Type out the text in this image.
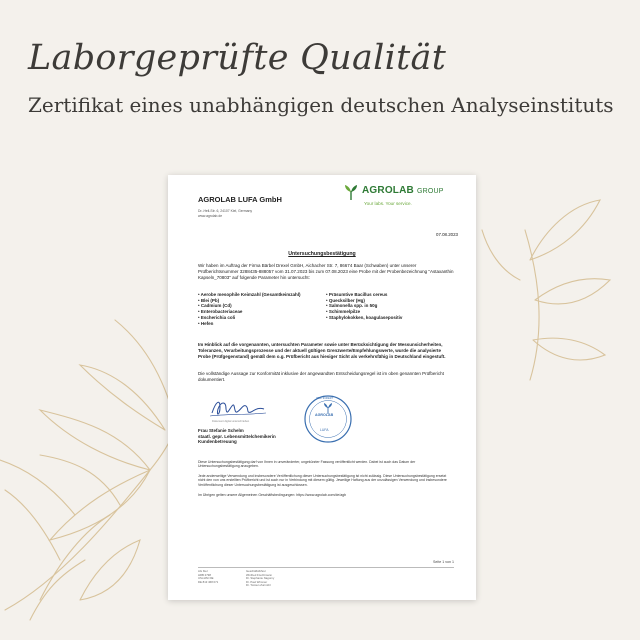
Laborgeprüfte Qualität
Zertifikat eines unabhängigen deutschen Analyseinstituts
AGROLAB LUFA GmbH
Dr.-Hell-Str. 6, 24107 Kiel, Germany
www.agrolab.de
AGROLAB GROUP
Your labs. Your service.
07.08.2023
Untersuchungsbestätigung
Wir haben im Auftrag der Firma Bärbel Drexel GmbH, Aichacher Str. 7, 86674 Baar (Schwaben) unter unserer Prüfberichtsnummer 3288435-888057 vom 31.07.2023 bis zum 07.08.2023 eine Probe mit der Probenbezeichnung "Astaxanthin Kapseln_70803" auf folgende Parameter hin untersucht:
• Aerobe mesophile Keimzahl (Gesamtkeimzahl)
• Blei (Pb)
• Cadmium (Cd)
• Enterobacteriaceae
• Escherichia coli
• Hefen
• Präsumtive Bacillus cereus
• Quecksilber (Hg)
• Salmonella spp. in 50g
• Schimmelpilze
• Staphylokokken, koagulasepositiv
Im Hinblick auf die vorgenannten, untersuchten Parameter sowie unter Berücksichtigung der Messunsicherheiten, Toleranzen, Verarbeitungsprozesse und der aktuell gültigen Grenzwerte/Empfehlungswerte, wurde die analysierte Probe (Prüfgegenstand) gemäß dem o.g. Prüfbericht aus hiesiger Sicht als verkehrsfähig in Deutschland eingestuft.
Die vollständige Aussage zur Konformität inklusive der angewandten Entscheidungsregel ist im oben genannten Prüfbericht dokumentiert.
Dokument digital unterschrieben
Frau Stefanie Schelm
staatl. gepr. Lebensmittelchemikerin
Kundenbetreuung
ZERTIFIZIERT
AGROLAB
LUFA
Diese Untersuchungsbestätigung darf von Ihnen in unveränderter, ungekürzter Fassung veröffentlicht werden. Dabei ist auch das Datum der Untersuchungsbestätigung anzugeben.
Jede anderweitige Verwendung und insbesondere Veröffentlichung dieser Untersuchungsbestätigung ist nicht zulässig. Diese Untersuchungsbestätigung ersetzt nicht den von uns erstellten Prüfbericht und ist auch nur in Verbindung mit diesem gültig. Jeweilige Haftung aus der unzulässigen Verwendung und insbesondere Veröffentlichung dieser Untersuchungsbestätigung ist ausgeschlossen.
Im Übrigen gelten unsere Allgemeinen Geschäftsbedingungen: https://www.agrolab.com/de/agb
Seite 1 von 1
AG Kiel
HRB 2798
USt-IdNr DE
DE 813 468 071
Geschäftsführer
Winfried Fruchtmann
Dr. Stephanie Nagorny
Dr. Paul Wimmer
Dr. Torsten Zurmühl
